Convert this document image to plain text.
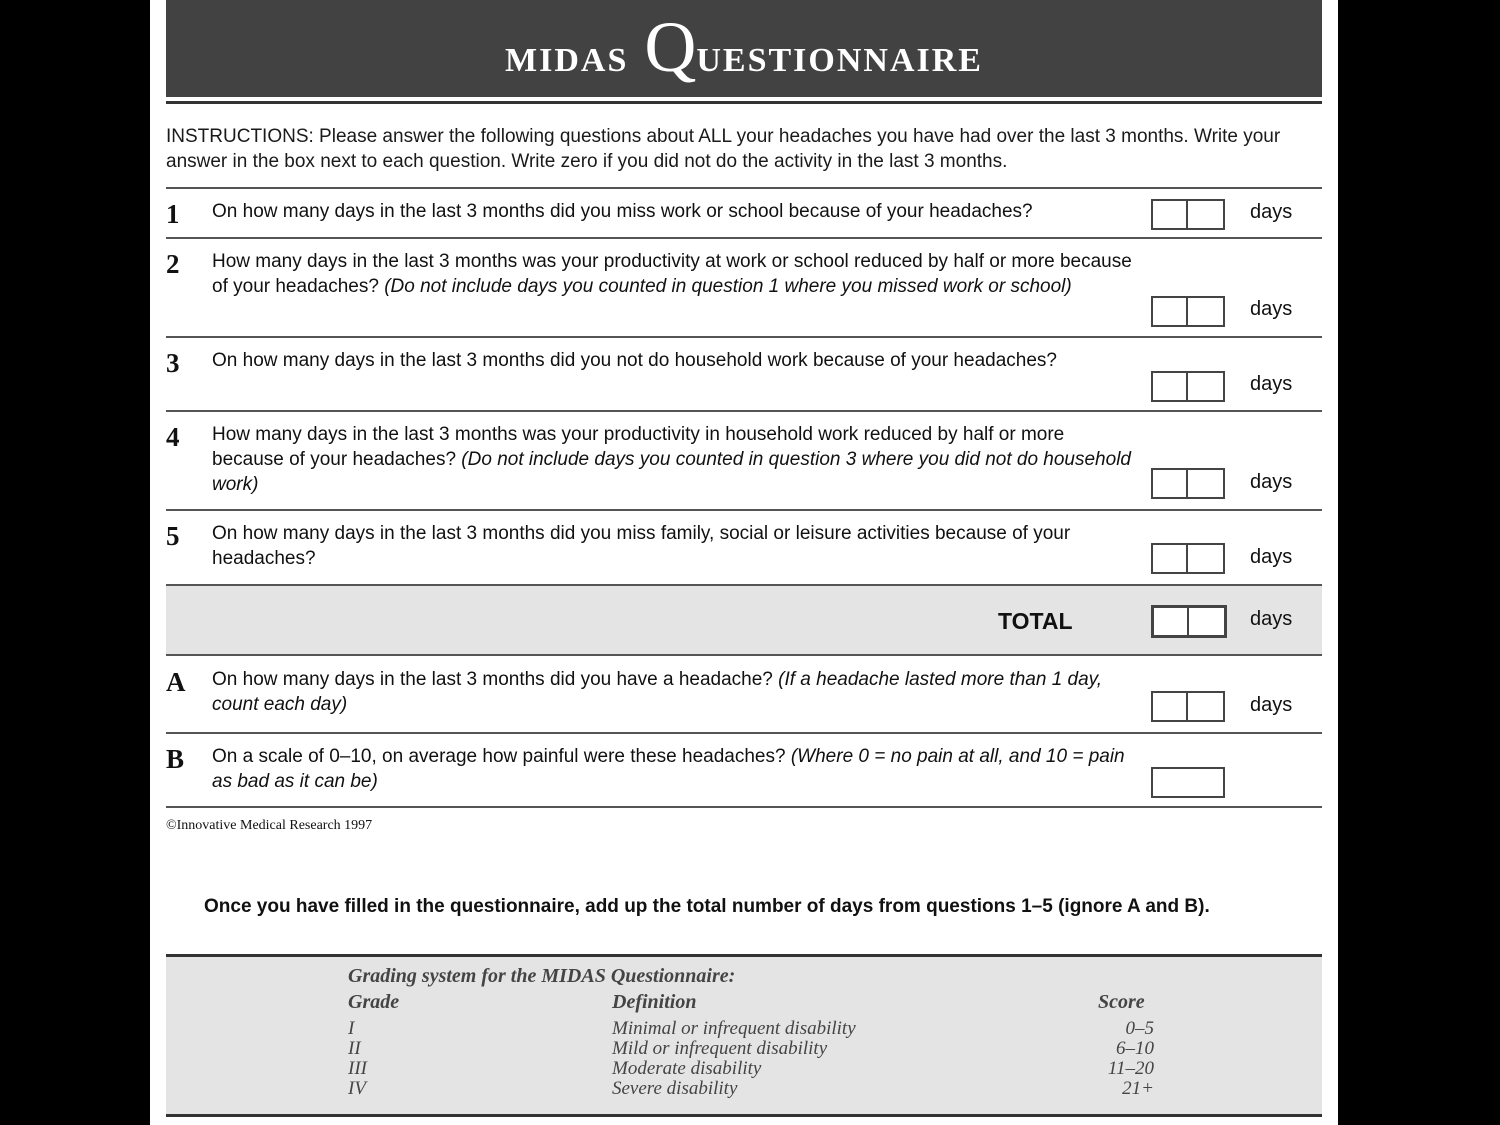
MIDAS Q
UESTIONNAIRE
INSTRUCTIONS: Please answer the following questions about ALL your headaches you have had over the last 3 months. Write your answer in the box next to each question. Write zero if you did not do the activity in the last 3 months.
1	On how many days in the last 3 months did you miss work or school because of your headaches?	days
2	How many days in the last 3 months was your productivity at work or school reduced by half or more because of your headaches? (Do not include days you counted in question 1 where you missed work or school)
days
3	On how many days in the last 3 months did you not do household work because of your headaches?
days
4	How many days in the last 3 months was your productivity in household work reduced by half or more because of your headaches? (Do not include days you counted in question 3 where you did not do household work)	days
5	On how many days in the last 3 months did you miss family, social or leisure activities because of your headaches?	days
TOTAL	days
A	On how many days in the last 3 months did you have a headache? (If a headache lasted more than 1 day, count each day)	days
B	On a scale of 0–10, on average how painful were these headaches? (Where 0 = no pain at all, and 10 = pain as bad as it can be)
©Innovative Medical Research 1997
Once you have filled in the questionnaire, add up the total number of days from questions 1–5 (ignore A and B).
Grading system for the MIDAS Questionnaire:
Grade	Definition	Score
I	Minimal or infrequent disability	0–5
II	Mild or infrequent disability	6–10
III	Moderate disability	11–20
IV	Severe disability	21+
